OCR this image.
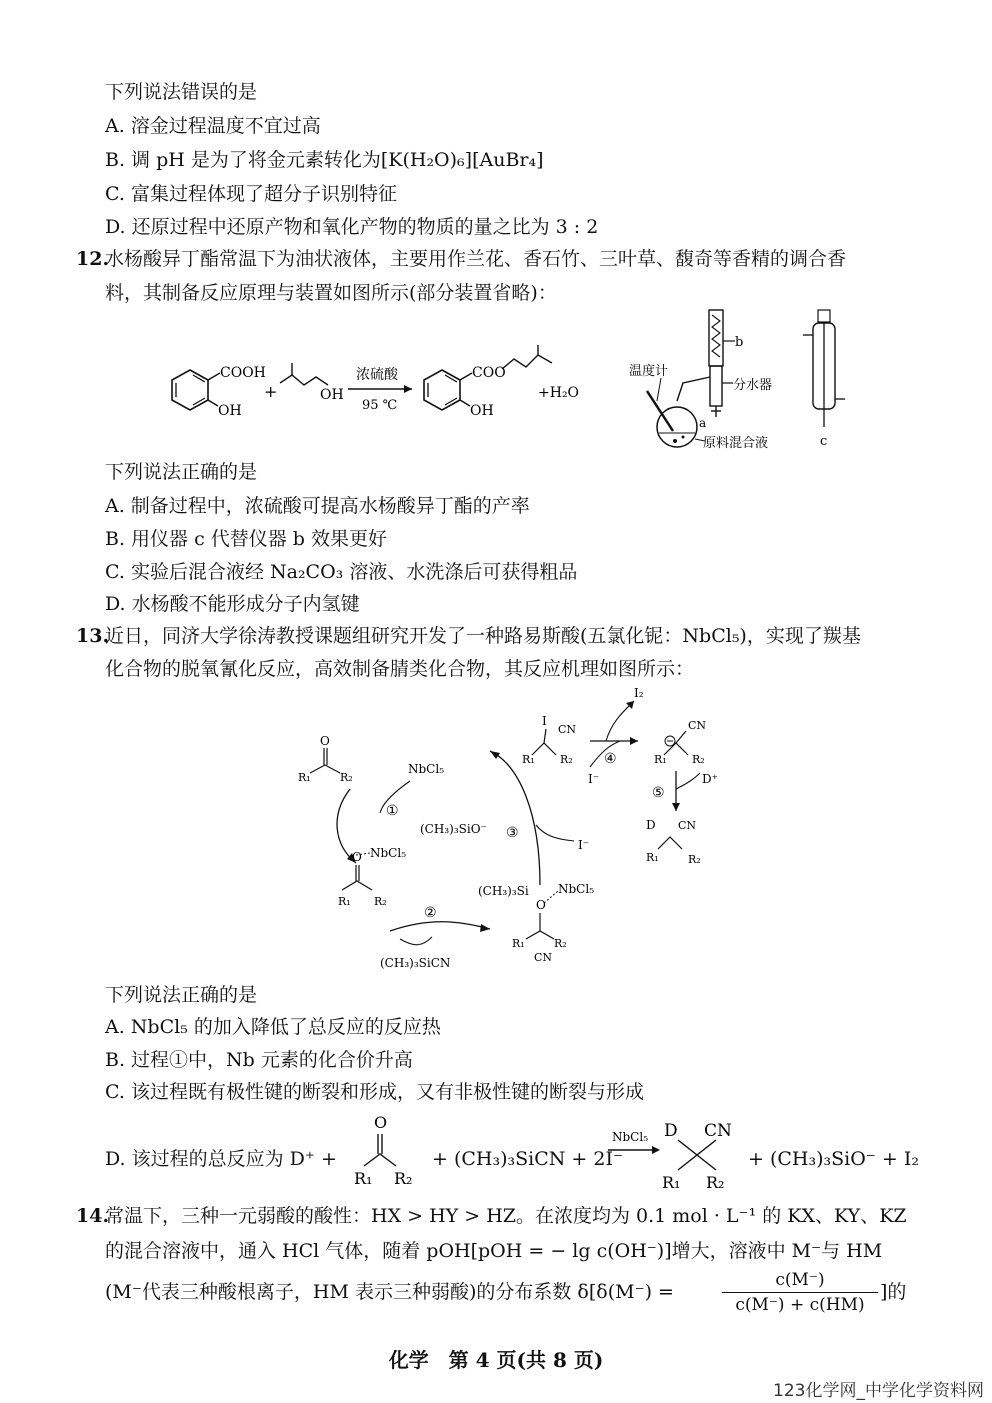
下列说法错误的是
A. 溶金过程温度不宜过高
B. 调 pH 是为了将金元素转化为[K(H₂O)₆][AuBr₄]
C. 富集过程体现了超分子识别特征
D. 还原过程中还原产物和氧化产物的物质的量之比为 3 : 2
12.
水杨酸异丁酯常温下为油状液体，主要用作兰花、香石竹、三叶草、馥奇等香精的调合香
料，其制备反应原理与装置如图所示(部分装置省略)：
COOH
OH
+	OH
浓硫酸
95 ℃
COO
OH
+H₂O
b
分水器
温度计
a
原料混合液	c
下列说法正确的是
A. 制备过程中，浓硫酸可提高水杨酸异丁酯的产率
B. 用仪器 c 代替仪器 b 效果更好
C. 实验后混合液经 Na₂CO₃ 溶液、水洗涤后可获得粗品
D. 水杨酸不能形成分子内氢键
13.
近日，同济大学徐涛教授课题组研究开发了一种路易斯酸(五氯化铌：NbCl₅)，实现了羰基
化合物的脱氧氰化反应，高效制备腈类化合物，其反应机理如图所示：
O
R₁	R₂
NbCl₅
①
(CH₃)₃SiO⁻
NbCl₅
O
R₁ R₂
②
(CH₃)₃SiCN
(CH₃)₃Si
O
NbCl₅
R₁	R₂
CN
③
I⁻
I
CN
R₁ R₂
I₂
④
I⁻
CN
R₁ R₂
⑤
D⁺
D CN
R₁	R₂
下列说法正确的是
A. NbCl₅ 的加入降低了总反应的反应热
B. 过程①中，Nb 元素的化合价升高
C. 该过程既有极性键的断裂和形成，又有非极性键的断裂与形成
D. 该过程的总反应为 D⁺ +
O
R₁ R₂
+ (CH₃)₃SiCN + 2I⁻
NbCl₅ D CN
R₁ R₂
+ (CH₃)₃SiO⁻ + I₂
14.
常温下，三种一元弱酸的酸性：HX > HY > HZ。在浓度均为 0.1 mol · L⁻¹ 的 KX、KY、KZ
的混合溶液中，通入 HCl 气体，随着 pOH[pOH = − lg c(OH⁻)]增大，溶液中 M⁻与 HM
(M⁻代表三种酸根离子，HM 表示三种弱酸)的分布系数 δ[δ(M⁻) =	$\frac{c(M^-)}{c(M^-) + c(HM)}$ ]的
化学　第 4 页(共 8 页)
123化学网_中学化学资料网
